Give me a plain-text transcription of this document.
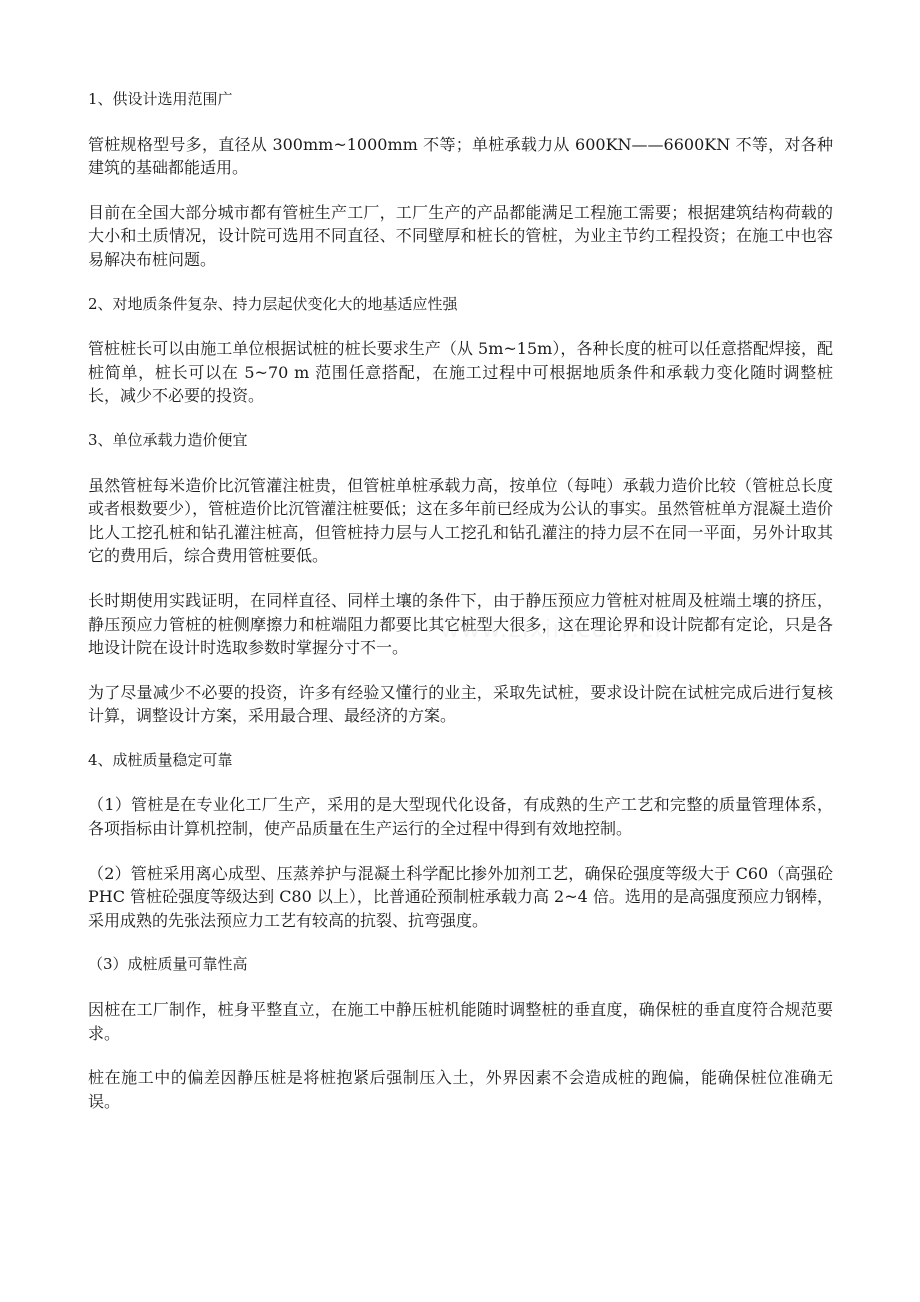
1、供设计选用范围广

管桩规格型号多，直径从 300mm~1000mm 不等；单桩承载力从 600KN——6600KN 不等，对各种建筑的基础都能适用。

目前在全国大部分城市都有管桩生产工厂，工厂生产的产品都能满足工程施工需要；根据建筑结构荷载的大小和土质情况，设计院可选用不同直径、不同壁厚和桩长的管桩，为业主节约工程投资；在施工中也容易解决布桩问题。

2、对地质条件复杂、持力层起伏变化大的地基适应性强

管桩桩长可以由施工单位根据试桩的桩长要求生产（从 5m~15m），各种长度的桩可以任意搭配焊接，配桩简单，桩长可以在 5~70 m 范围任意搭配，在施工过程中可根据地质条件和承载力变化随时调整桩长，减少不必要的投资。

3、单位承载力造价便宜

虽然管桩每米造价比沉管灌注桩贵，但管桩单桩承载力高，按单位（每吨）承载力造价比较（管桩总长度或者根数要少），管桩造价比沉管灌注桩要低；这在多年前已经成为公认的事实。虽然管桩单方混凝土造价比人工挖孔桩和钻孔灌注桩高，但管桩持力层与人工挖孔和钻孔灌注的持力层不在同一平面，另外计取其它的费用后，综合费用管桩要低。

长时期使用实践证明，在同样直径、同样土壤的条件下，由于静压预应力管桩对桩周及桩端土壤的挤压，静压预应力管桩的桩侧摩擦力和桩端阻力都要比其它桩型大很多，这在理论界和设计院都有定论，只是各地设计院在设计时选取参数时掌握分寸不一。

为了尽量减少不必要的投资，许多有经验又懂行的业主，采取先试桩，要求设计院在试桩完成后进行复核计算，调整设计方案，采用最合理、最经济的方案。

4、成桩质量稳定可靠

（1）管桩是在专业化工厂生产，采用的是大型现代化设备，有成熟的生产工艺和完整的质量管理体系，各项指标由计算机控制，使产品质量在生产运行的全过程中得到有效地控制。

（2）管桩采用离心成型、压蒸养护与混凝土科学配比掺外加剂工艺，确保砼强度等级大于 C60（高强砼 PHC 管桩砼强度等级达到 C80 以上），比普通砼预制桩承载力高 2~4 倍。选用的是高强度预应力钢棒，采用成熟的先张法预应力工艺有较高的抗裂、抗弯强度。

（3）成桩质量可靠性高

因桩在工厂制作，桩身平整直立，在施工中静压桩机能随时调整桩的垂直度，确保桩的垂直度符合规范要求。

桩在施工中的偏差因静压桩是将桩抱紧后强制压入土，外界因素不会造成桩的跑偏，能确保桩位准确无误。
